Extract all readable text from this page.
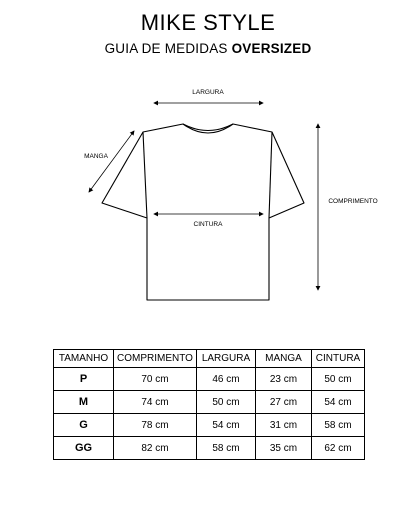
MIKE STYLE
GUIA DE MEDIDAS OVERSIZED
LARGURA
MANGA
CINTURA
COMPRIMENTO
TAMANHO	COMPRIMENTO	LARGURA	MANGA	CINTURA
P	70 cm	46 cm	23 cm	50 cm
M	74 cm	50 cm	27 cm	54 cm
G	78 cm	54 cm	31 cm	58 cm
GG	82 cm	58 cm	35 cm	62 cm
